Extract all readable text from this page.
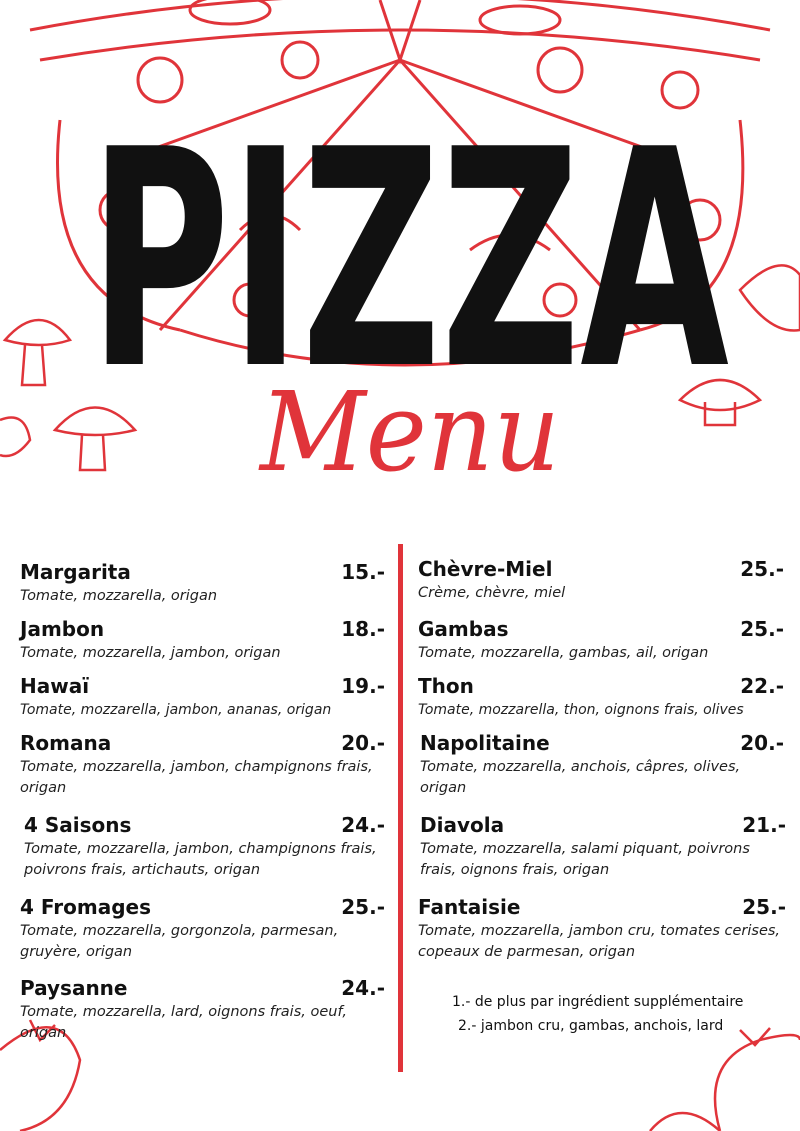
PIZZA
Menu
Margarita	15.-
Tomate, mozzarella, origan
Jambon	18.-
Tomate, mozzarella, jambon, origan
Hawaï	19.-
Tomate, mozzarella, jambon, ananas, origan
Romana	20.-
Tomate, mozzarella, jambon, champignons frais, origan
4 Saisons	24.-
Tomate, mozzarella, jambon, champignons frais, poivrons frais, artichauts, origan
4 Fromages	25.-
Tomate, mozzarella, gorgonzola, parmesan, gruyère, origan
Paysanne	24.-
Tomate, mozzarella, lard, oignons frais, oeuf, origan
Chèvre-Miel	25.-
Crème, chèvre, miel
Gambas	25.-
Tomate, mozzarella, gambas, ail, origan
Thon	22.-
Tomate, mozzarella, thon, oignons frais, olives
Napolitaine	20.-
Tomate, mozzarella, anchois, câpres, olives, origan
Diavola	21.-
Tomate, mozzarella, salami piquant, poivrons frais, oignons frais, origan
Fantaisie	25.-
Tomate, mozzarella, jambon cru, tomates cerises, copeaux de parmesan, origan
1.- de plus par ingrédient supplémentaire
2.- jambon cru, gambas, anchois, lard
